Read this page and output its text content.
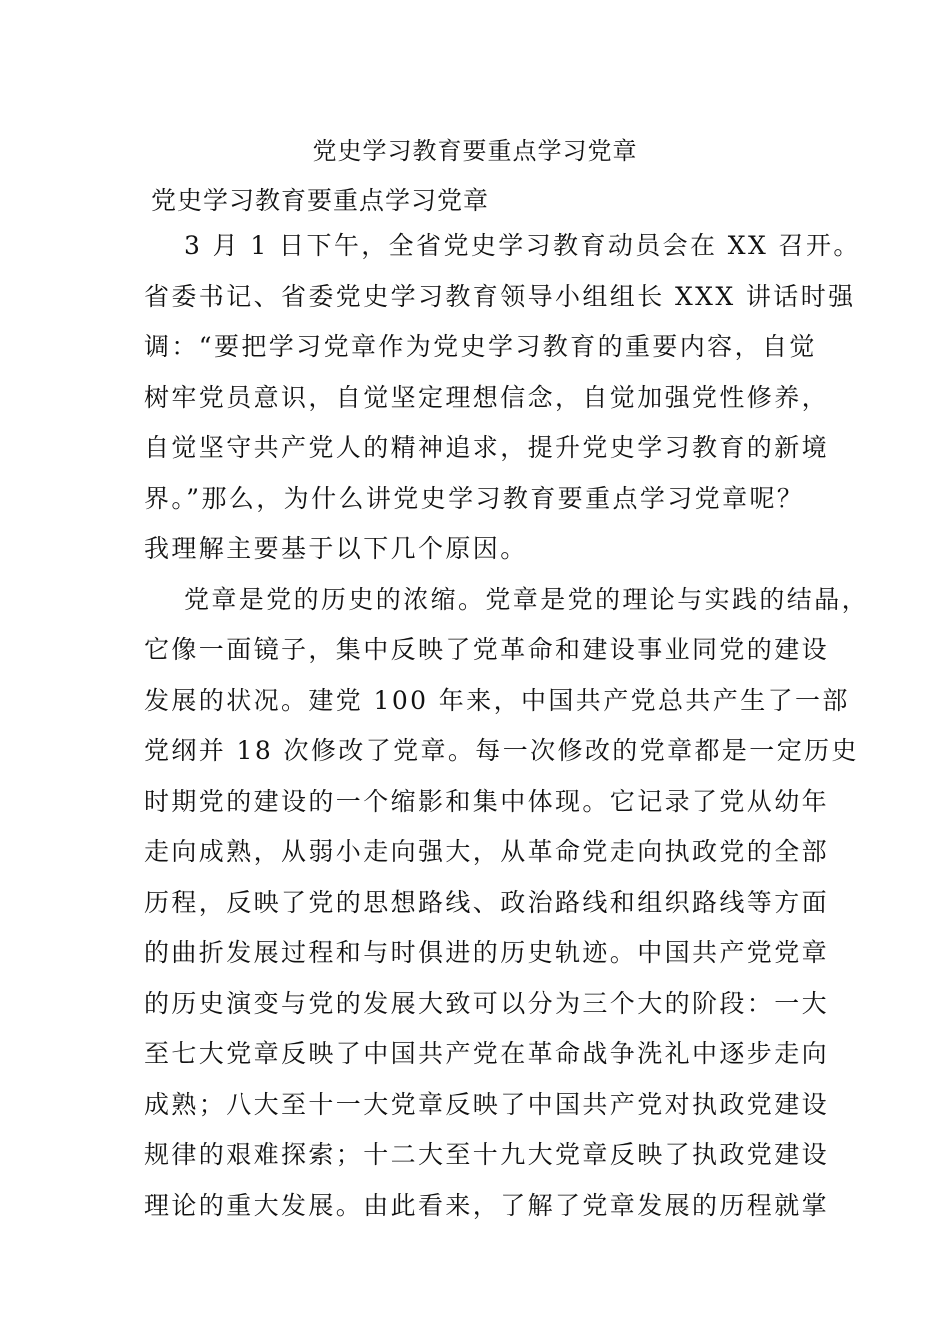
党史学习教育要重点学习党章
党史学习教育要重点学习党章
3 月 1 日下午，全省党史学习教育动员会在 XX 召开。
省委书记、省委党史学习教育领导小组组长 XXX 讲话时强
调：“要把学习党章作为党史学习教育的重要内容，自觉
树牢党员意识，自觉坚定理想信念，自觉加强党性修养，
自觉坚守共产党人的精神追求，提升党史学习教育的新境
界。”那么，为什么讲党史学习教育要重点学习党章呢？
我理解主要基于以下几个原因。
党章是党的历史的浓缩。党章是党的理论与实践的结晶，
它像一面镜子，集中反映了党革命和建设事业同党的建设
发展的状况。建党 100 年来，中国共产党总共产生了一部
党纲并 18 次修改了党章。每一次修改的党章都是一定历史
时期党的建设的一个缩影和集中体现。它记录了党从幼年
走向成熟，从弱小走向强大，从革命党走向执政党的全部
历程，反映了党的思想路线、政治路线和组织路线等方面
的曲折发展过程和与时俱进的历史轨迹。中国共产党党章
的历史演变与党的发展大致可以分为三个大的阶段：一大
至七大党章反映了中国共产党在革命战争洗礼中逐步走向
成熟；八大至十一大党章反映了中国共产党对执政党建设
规律的艰难探索；十二大至十九大党章反映了执政党建设
理论的重大发展。由此看来，了解了党章发展的历程就掌
